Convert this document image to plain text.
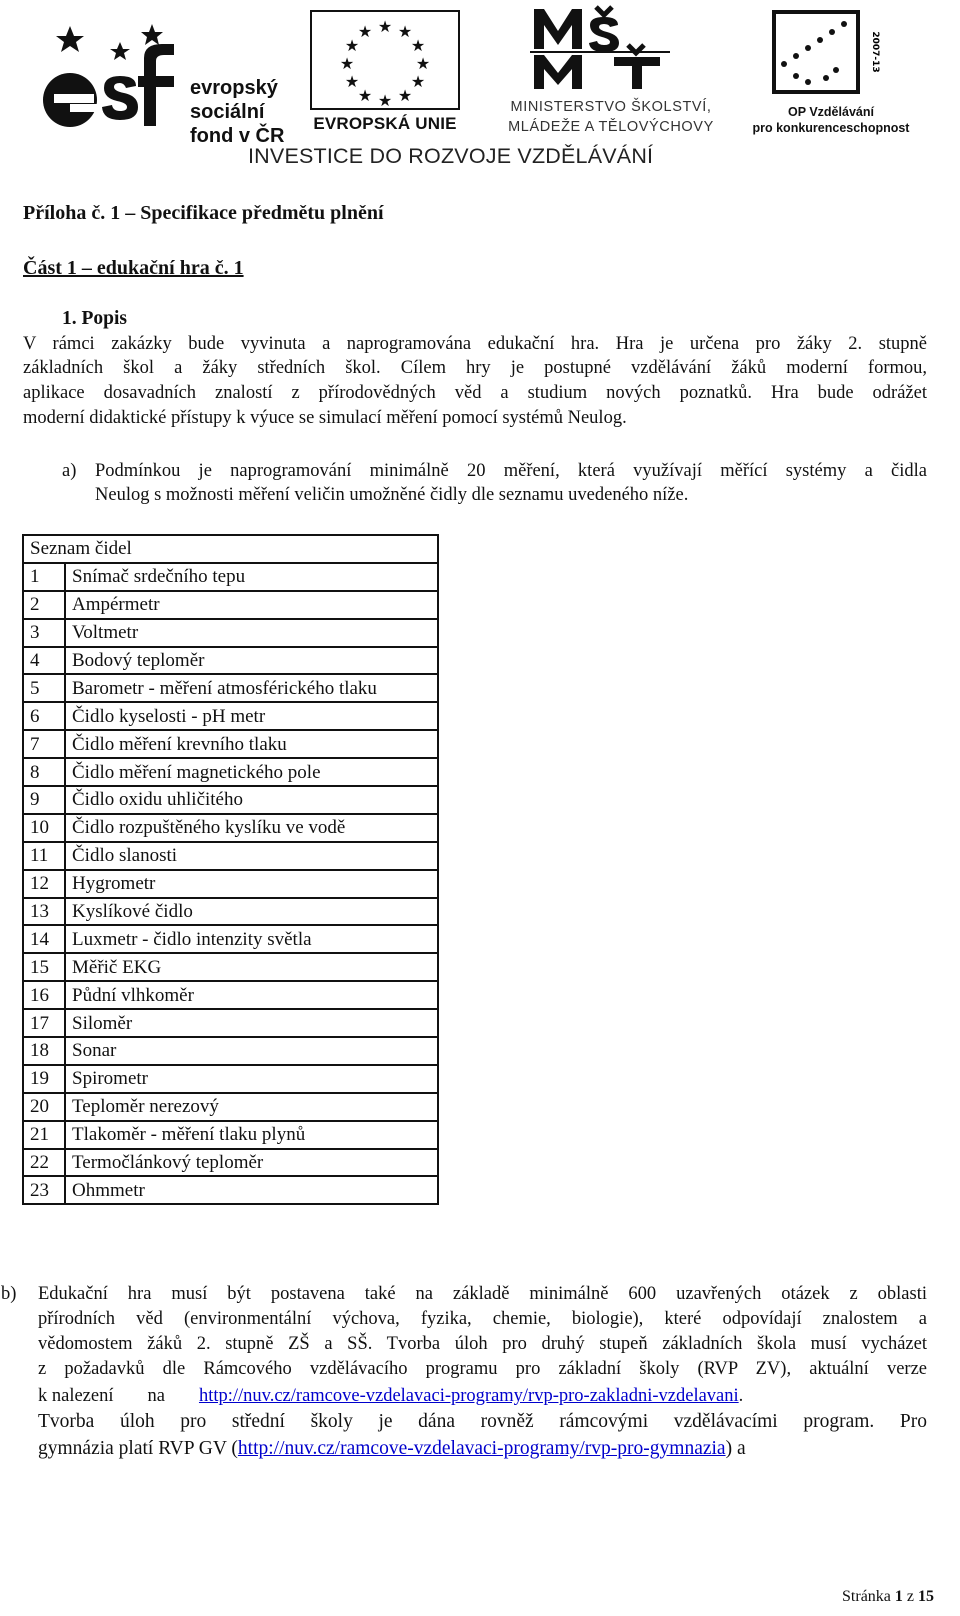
evropský
sociální
fond v ČR
★ ★
★
★
★
★
★
★
★
★
★
★
EVROPSKÁ UNIE
MINISTERSTVO ŠKOLSTVÍ,
MLÁDEŽE A TĚLOVÝCHOVY
2007-13
OP Vzdělávání
pro konkurenceschopnost
INVESTICE DO ROZVOJE VZDĚLÁVÁNÍ
Příloha č. 1 – Specifikace předmětu plnění
Část 1 – edukační hra č. 1
1. Popis
V rámci zakázky bude vyvinuta a naprogramována edukační hra. Hra je určena pro žáky 2. stupně
základních škol a žáky středních škol. Cílem hry je postupné vzdělávání žáků moderní formou,
aplikace dosavadních znalostí z přírodovědných věd a studium nových poznatků. Hra bude odrážet
moderní didaktické přístupy k výuce se simulací měření pomocí systémů Neulog.
a) Podmínkou je naprogramování minimálně 20 měření, která využívají měřící systémy a čidla
Neulog s možnosti měření veličin umožněné čidly dle seznamu uvedeného níže.
Seznam čidel	
1	Snímač srdečního tepu
2	Ampérmetr
3	Voltmetr
4	Bodový teploměr
5	Barometr - měření atmosférického tlaku
6	Čidlo kyselosti - pH metr
7	Čidlo měření krevního tlaku
8	Čidlo měření magnetického pole
9	Čidlo oxidu uhličitého
10	Čidlo rozpuštěného kyslíku ve vodě
11	Čidlo slanosti
12	Hygrometr
13	Kyslíkové čidlo
14	Luxmetr - čidlo intenzity světla
15	Měřič EKG
16	Půdní vlhkoměr
17	Siloměr
18	Sonar
19	Spirometr
20	Teploměr nerezový
21	Tlakoměr - měření tlaku plynů
22	Termočlánkový teploměr
23	Ohmmetr
b) Edukační hra musí být postavena také na základě minimálně 600 uzavřených otázek z oblasti
přírodních věd (environmentální výchova, fyzika, chemie, biologie), které odpovídají znalostem a
vědomostem žáků 2. stupně ZŠ a SŠ. Tvorba úloh pro druhý stupeň základních škola musí vycházet
z požadavků dle Rámcového vzdělávacího programu pro základní školy (RVP ZV), aktuální verze
k nalezení na http://nuv.cz/ramcove-vzdelavaci-programy/rvp-pro-zakladni-vzdelavani.
Tvorba úloh pro střední školy je dána rovněž rámcovými vzdělávacími program. Pro
gymnázia platí RVP GV (http://nuv.cz/ramcove-vzdelavaci-programy/rvp-pro-gymnazia) a
Stránka 1 z 15
